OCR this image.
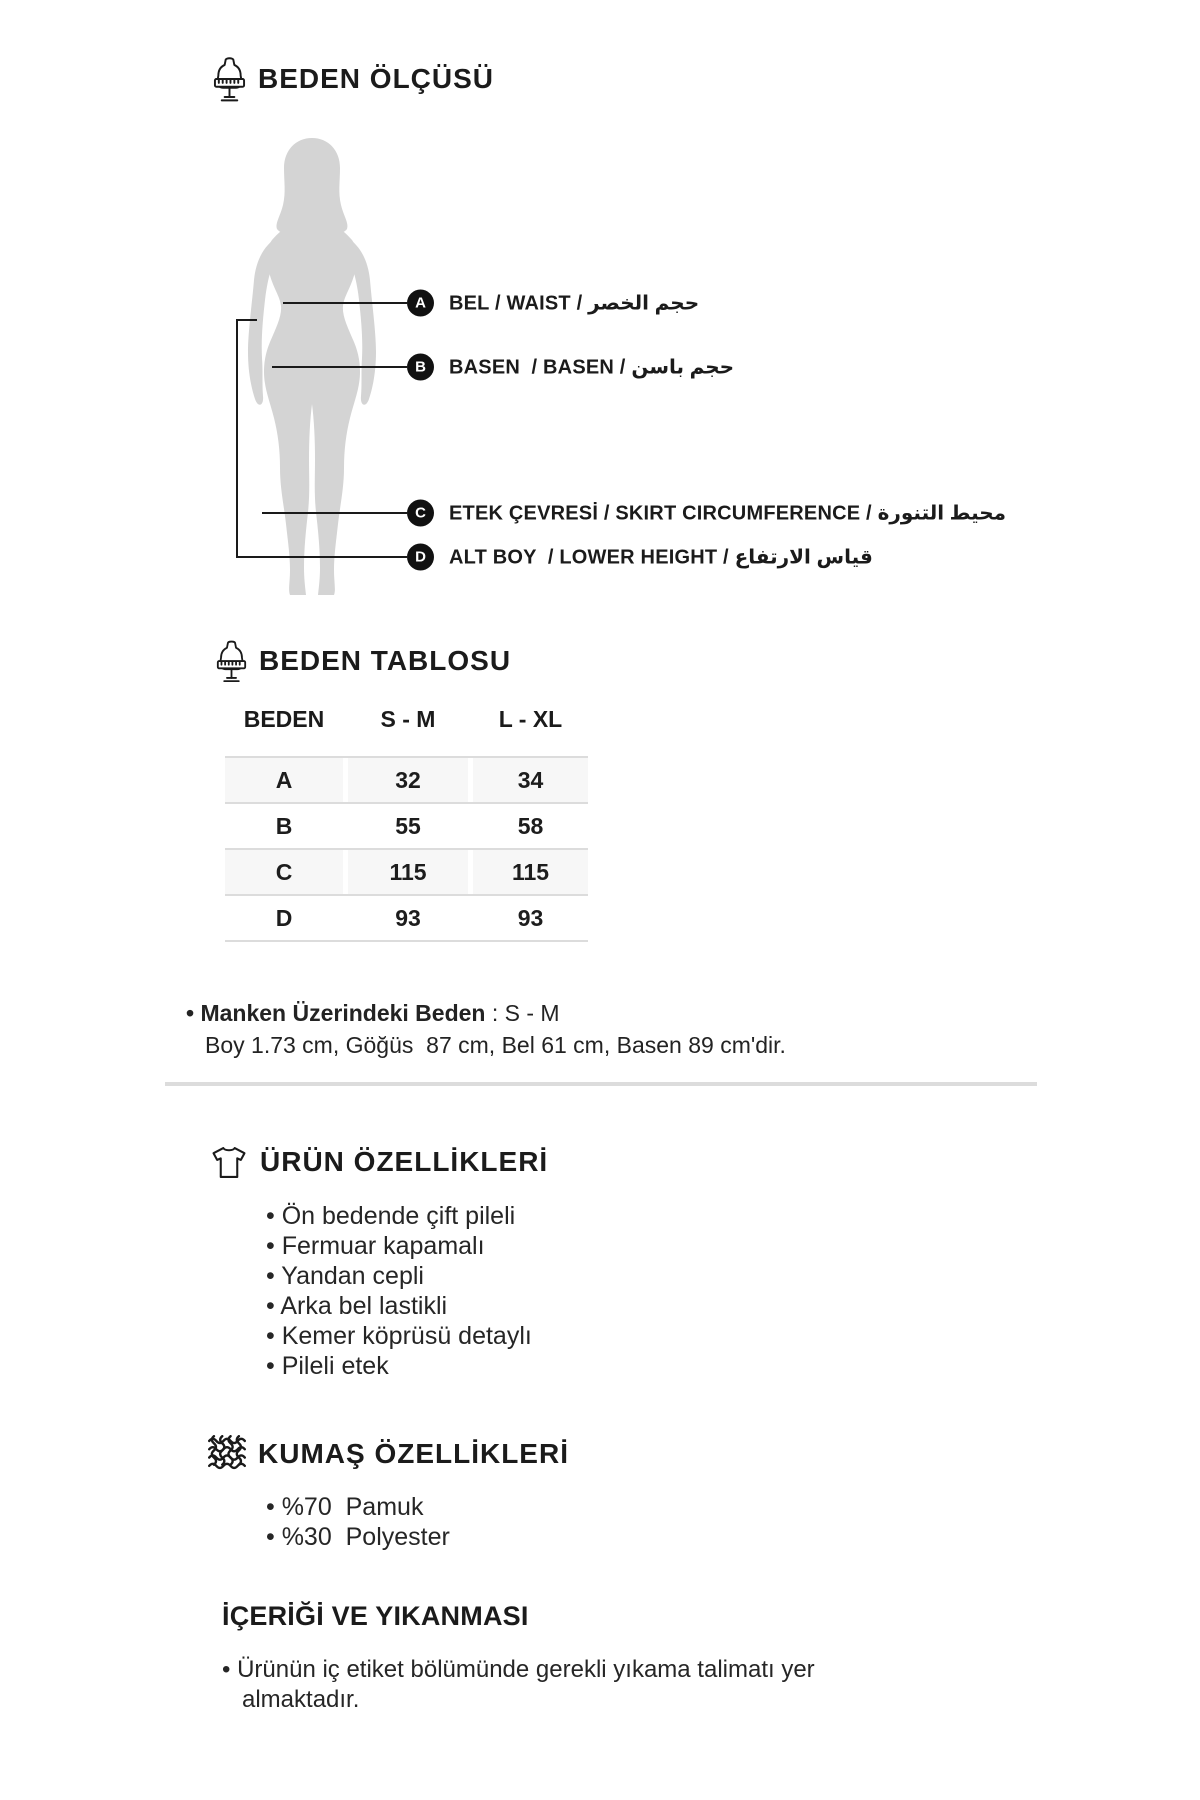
BEDEN ÖLÇÜSÜ
A	BEL / WAIST / حجم الخصر
B	BASEN  / BASEN / حجم باسن
C	ETEK ÇEVRESİ / SKIRT CIRCUMFERENCE / محيط التنورة
D	ALT BOY  / LOWER HEIGHT / قياس الارتفاع
BEDEN TABLOSU
BEDEN	S - M	L - XL
A	32	34
B	55	58
C	115	115
D	93	93
• Manken Üzerindeki Beden : S - M
Boy 1.73 cm, Göğüs  87 cm, Bel 61 cm, Basen 89 cm'dir.
ÜRÜN ÖZELLİKLERİ
• Ön bedende çift pileli
• Fermuar kapamalı
• Yandan cepli
• Arka bel lastikli
• Kemer köprüsü detaylı
• Pileli etek
KUMAŞ ÖZELLİKLERİ
• %70  Pamuk
• %30  Polyester
İÇERİĞİ VE YIKANMASI
• Ürünün iç etiket bölümünde gerekli yıkama talimatı yer almaktadır.
